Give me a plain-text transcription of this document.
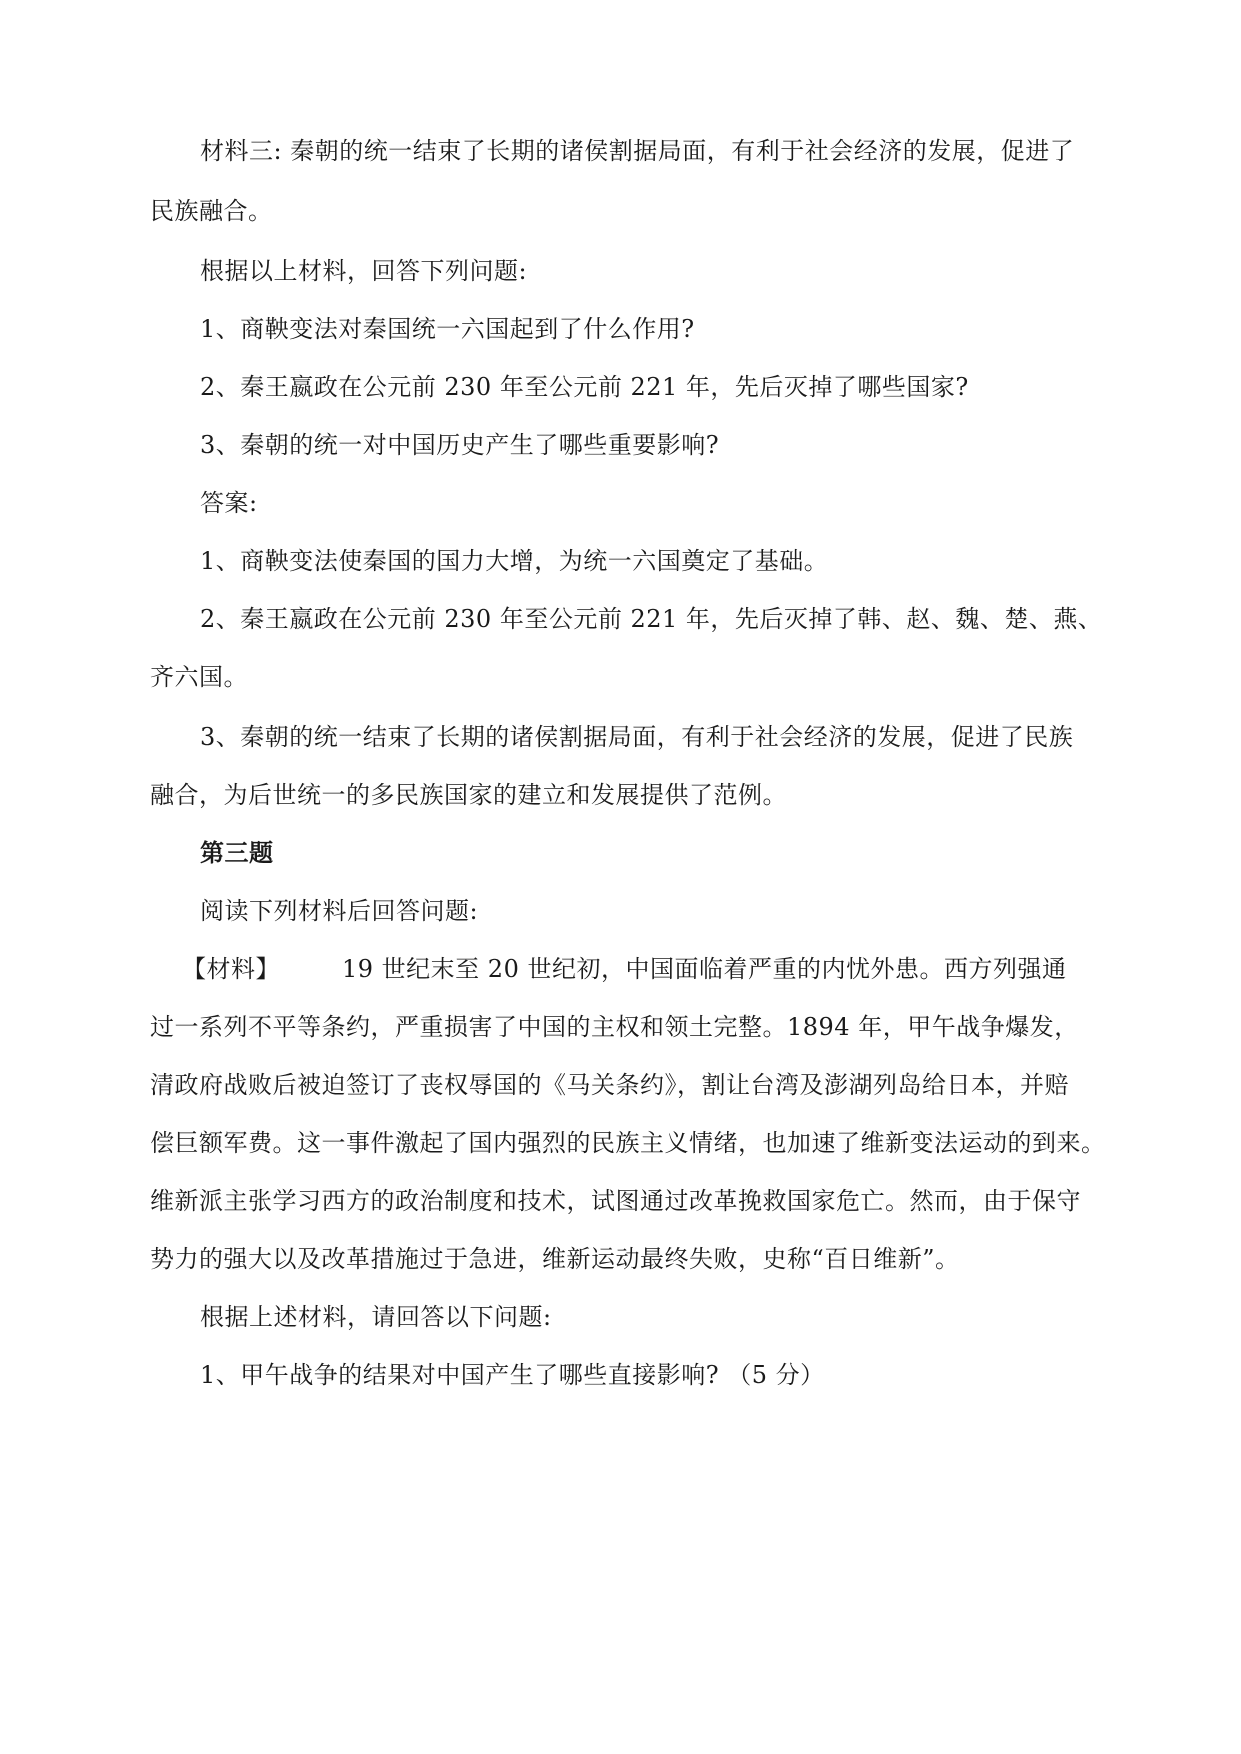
材料三: 秦朝的统一结束了长期的诸侯割据局面，有利于社会经济的发展，促进了
民族融合。
根据以上材料，回答下列问题:
1、商鞅变法对秦国统一六国起到了什么作用?
2、秦王嬴政在公元前 230 年至公元前 221 年，先后灭掉了哪些国家?
3、秦朝的统一对中国历史产生了哪些重要影响?
答案:
1、商鞅变法使秦国的国力大增，为统一六国奠定了基础。
2、秦王嬴政在公元前 230 年至公元前 221 年，先后灭掉了韩、赵、魏、楚、燕、
齐六国。
3、秦朝的统一结束了长期的诸侯割据局面，有利于社会经济的发展，促进了民族
融合，为后世统一的多民族国家的建立和发展提供了范例。
第三题
阅读下列材料后回答问题:
【材料】	19 世纪末至 20 世纪初，中国面临着严重的内忧外患。西方列强通
过一系列不平等条约，严重损害了中国的主权和领土完整。1894 年，甲午战争爆发，
清政府战败后被迫签订了丧权辱国的《马关条约》，割让台湾及澎湖列岛给日本，并赔
偿巨额军费。这一事件激起了国内强烈的民族主义情绪，也加速了维新变法运动的到来。
维新派主张学习西方的政治制度和技术，试图通过改革挽救国家危亡。然而，由于保守
势力的强大以及改革措施过于急进，维新运动最终失败，史称“百日维新”。
根据上述材料，请回答以下问题:
1、甲午战争的结果对中国产生了哪些直接影响? （5 分）
